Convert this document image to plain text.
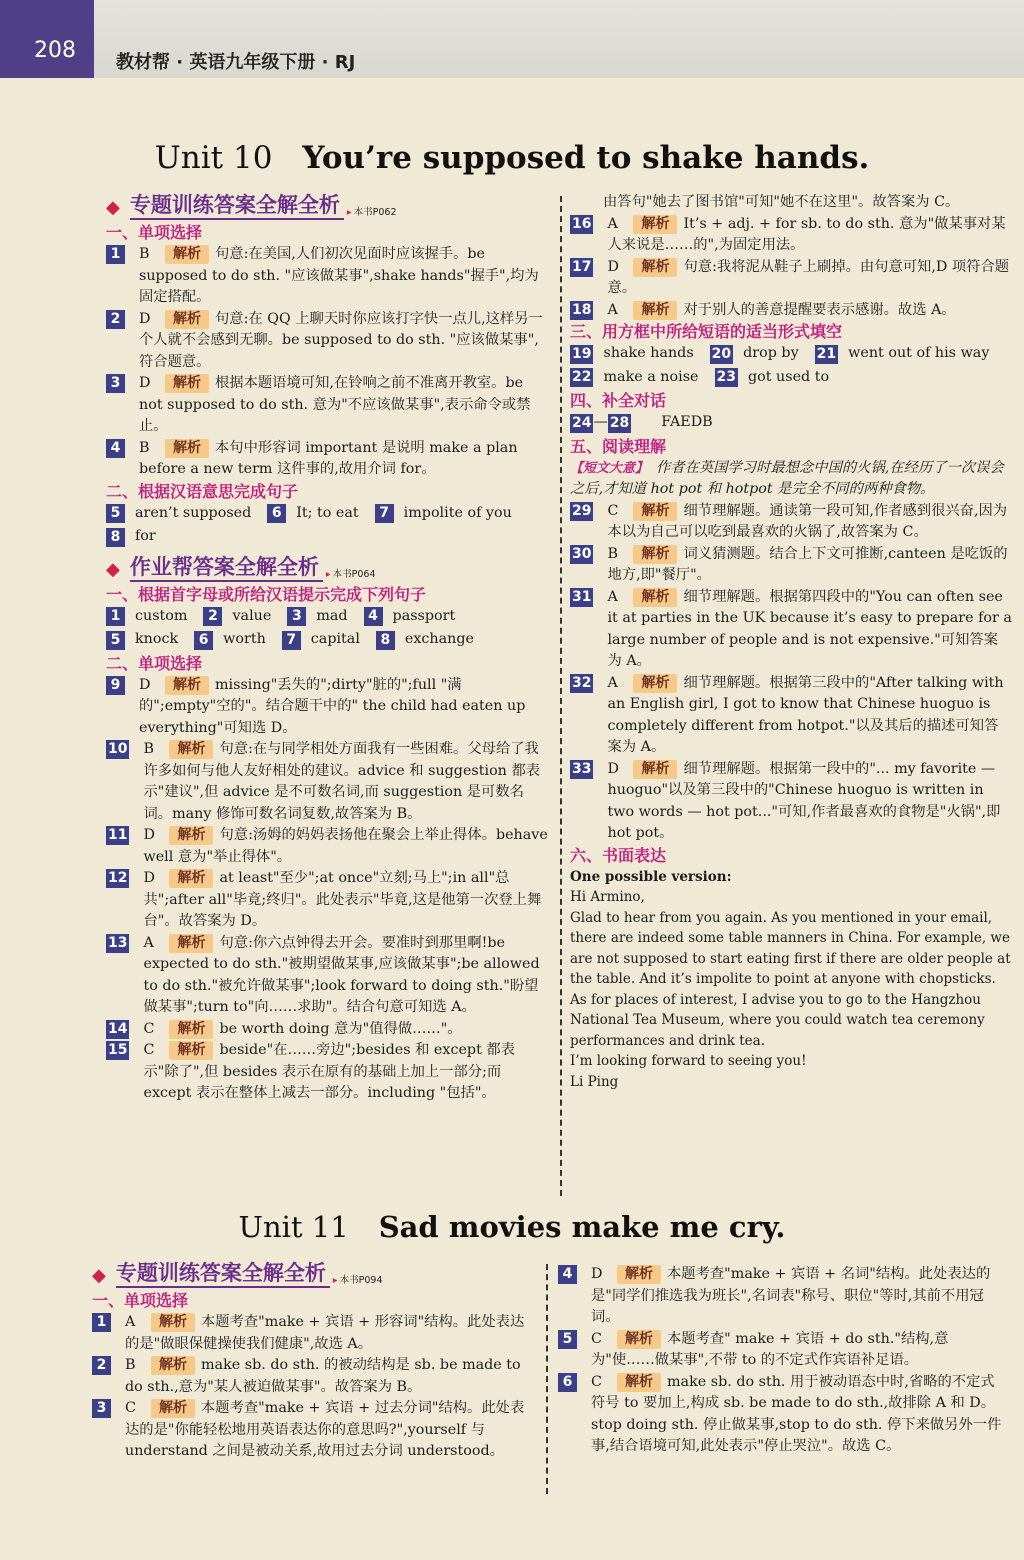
208 教材帮 · 英语九年级下册 · RJ
Unit 10 You’re supposed to shake hands.
◆ 专题训练答案全解全析	▸ 本书P062
一、单项选择
1	B 解析 句意:在美国,人们初次见面时应该握手。be supposed to do sth. "应该做某事",shake hands"握手",均为固定搭配。
2	D 解析 句意:在 QQ 上聊天时你应该打字快一点儿,这样另一个人就不会感到无聊。be supposed to do sth. "应该做某事",符合题意。
3	D 解析 根据本题语境可知,在铃响之前不准离开教室。be not supposed to do sth. 意为"不应该做某事",表示命令或禁止。
4	B 解析 本句中形容词 important 是说明 make a plan before a new term 这件事的,故用介词 for。
二、根据汉语意思完成句子
5	aren’t supposed	6	It; to eat	7	impolite of you
8	for
◆ 作业帮答案全解全析	▸ 本书P064
一、根据首字母或所给汉语提示完成下列句子
1	custom	2	value	3	mad	4	passport
5	knock	6	worth	7	capital	8	exchange
二、单项选择
9	D 解析 missing"丢失的";dirty"脏的";full "满的";empty"空的"。结合题干中的" the child had eaten up everything"可知选 D。
10	B 解析 句意:在与同学相处方面我有一些困难。父母给了我许多如何与他人友好相处的建议。advice 和 suggestion 都表示"建议",但 advice 是不可数名词,而 suggestion 是可数名词。many 修饰可数名词复数,故答案为 B。
11	D 解析 句意:汤姆的妈妈表扬他在聚会上举止得体。behave well 意为"举止得体"。
12	D 解析 at least"至少";at once"立刻;马上";in all"总共";after all"毕竟;终归"。此处表示"毕竟,这是他第一次登上舞台"。故答案为 D。
13	A 解析 句意:你六点钟得去开会。要准时到那里啊!be expected to do sth."被期望做某事,应该做某事";be allowed to do sth."被允许做某事";look forward to doing sth."盼望做某事";turn to"向……求助"。结合句意可知选 A。
14	C 解析 be worth doing 意为"值得做……"。
15	C 解析 beside"在……旁边";besides 和 except 都表示"除了",但 besides 表示在原有的基础上加上一部分;而 except 表示在整体上减去一部分。including "包括"。
由答句"她去了图书馆"可知"她不在这里"。故答案为 C。
16	A 解析 It’s + adj. + for sb. to do sth. 意为"做某事对某人来说是……的",为固定用法。
17	D 解析 句意:我将泥从鞋子上刷掉。由句意可知,D 项符合题意。
18	A 解析 对于别人的善意提醒要表示感谢。故选 A。
三、用方框中所给短语的适当形式填空
19 shake hands 20 drop by 21 went out of his way
22 make a noise 23 got used to
四、补全对话
24 — 28	FAEDB
五、阅读理解
【短文大意】 作者在英国学习时最想念中国的火锅,在经历了一次误会之后,才知道 hot pot 和 hotpot 是完全不同的两种食物。
29	C 解析 细节理解题。通读第一段可知,作者感到很兴奋,因为本以为自己可以吃到最喜欢的火锅了,故答案为 C。
30	B 解析 词义猜测题。结合上下文可推断,canteen 是吃饭的地方,即"餐厅"。
31	A 解析 细节理解题。根据第四段中的"You can often see it at parties in the UK because it’s easy to prepare for a large number of people and is not expensive."可知答案为 A。
32	A 解析 细节理解题。根据第三段中的"After talking with an English girl, I got to know that Chinese huoguo is completely different from hotpot."以及其后的描述可知答案为 A。
33	D 解析 细节理解题。根据第一段中的"... my favorite — huoguo"以及第三段中的"Chinese huoguo is written in two words — hot pot..."可知,作者最喜欢的食物是"火锅",即 hot pot。
六、书面表达

One possible version:

Hi Armino,

Glad to hear from you again. As you mentioned in your email, there are indeed some table manners in China. For example, we are not supposed to start eating first if there are older people at the table. And it’s impolite to point at anyone with chopsticks. As for places of interest, I advise you to go to the Hangzhou National Tea Museum, where you could watch tea ceremony performances and drink tea.

I’m looking forward to seeing you!

Li Ping

Unit 11 Sad movies make me cry.
◆ 专题训练答案全解全析	▸ 本书P094
一、单项选择
1	A 解析 本题考查"make + 宾语 + 形容词"结构。此处表达的是"做眼保健操使我们健康",故选 A。
2	B 解析 make sb. do sth. 的被动结构是 sb. be made to do sth.,意为"某人被迫做某事"。故答案为 B。
3	C 解析 本题考查"make + 宾语 + 过去分词"结构。此处表达的是"你能轻松地用英语表达你的意思吗?",yourself 与 understand 之间是被动关系,故用过去分词 understood。
4	D 解析 本题考查"make + 宾语 + 名词"结构。此处表达的是"同学们推选我为班长",名词表"称号、职位"等时,其前不用冠词。
5	C 解析 本题考查" make + 宾语 + do sth."结构,意为"使……做某事",不带 to 的不定式作宾语补足语。
6	C 解析 make sb. do sth. 用于被动语态中时,省略的不定式符号 to 要加上,构成 sb. be made to do sth.,故排除 A 和 D。stop doing sth. 停止做某事,stop to do sth. 停下来做另外一件事,结合语境可知,此处表示"停止哭泣"。故选 C。
